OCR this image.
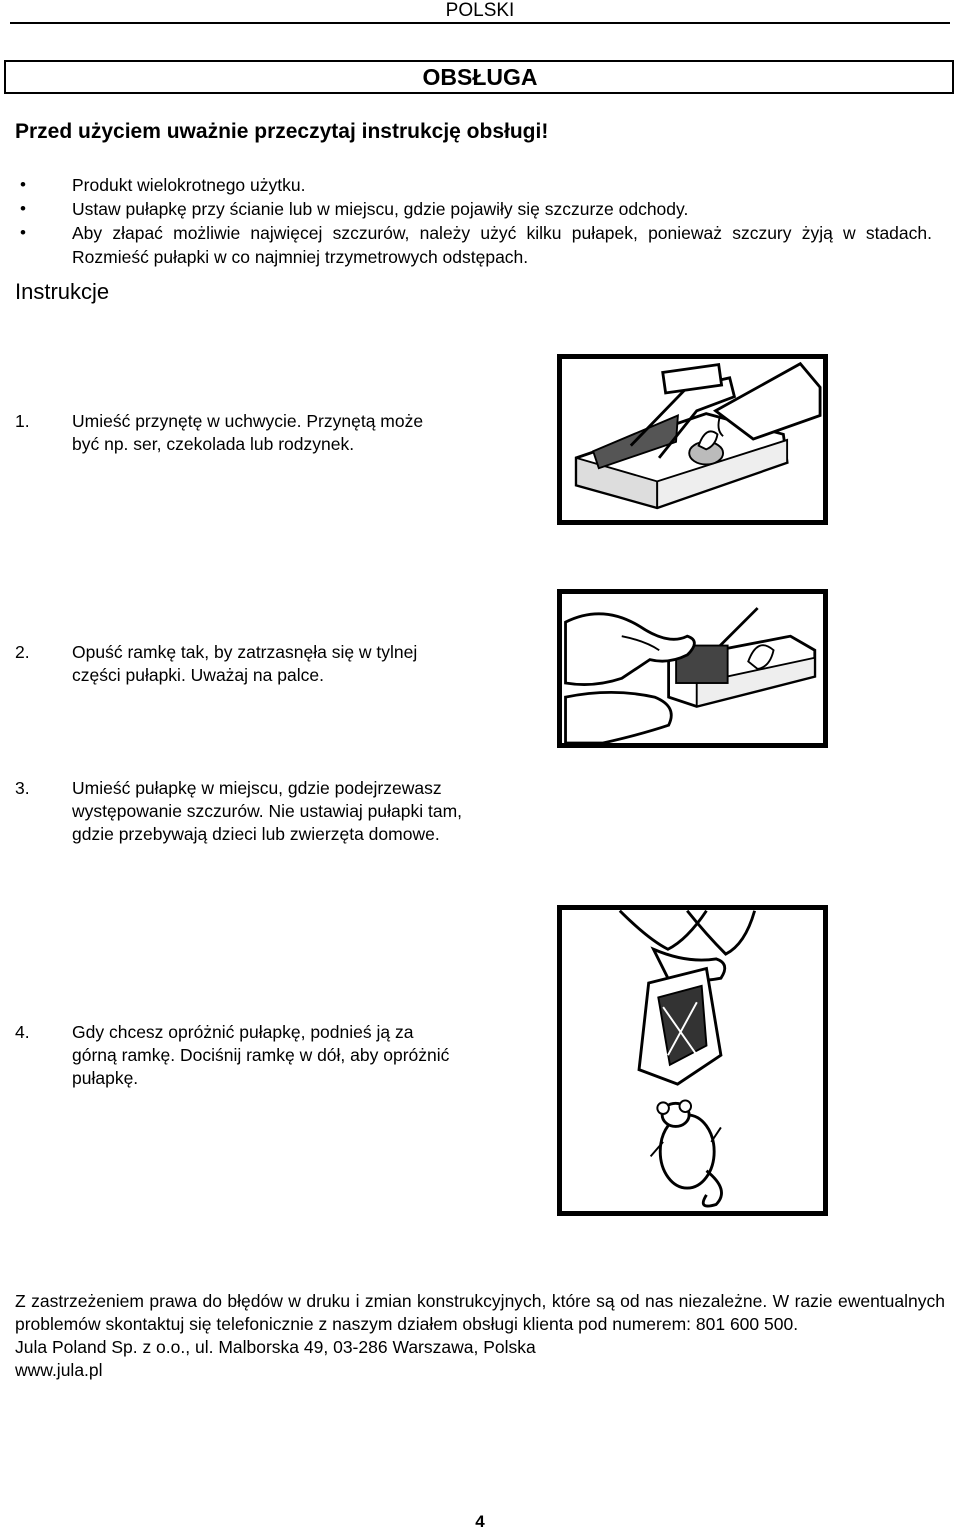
POLSKI
OBSŁUGA
Przed użyciem uważnie przeczytaj instrukcję obsługi!
• Produkt wielokrotnego użytku.
• Ustaw pułapkę przy ścianie lub w miejscu, gdzie pojawiły się szczurze odchody.
• Aby złapać możliwie najwięcej szczurów, należy użyć kilku pułapek, ponieważ szczury żyją w stadach. Rozmieść pułapki w co najmniej trzymetrowych odstępach.
Instrukcje
1.	Umieść przynętę w uchwycie. Przynętą może być np. ser, czekolada lub rodzynek.
2.	Opuść ramkę tak, by zatrzasnęła się w tylnej części pułapki. Uważaj na palce.
3.	Umieść pułapkę w miejscu, gdzie podejrzewasz występowanie szczurów. Nie ustawiaj pułapki tam, gdzie przebywają dzieci lub zwierzęta domowe.
4.	Gdy chcesz opróżnić pułapkę, podnieś ją za górną ramkę. Dociśnij ramkę w dół, aby opróżnić pułapkę.

Z zastrzeżeniem prawa do błędów w druku i zmian konstrukcyjnych, które są od nas niezależne. W razie ewentualnych problemów skontaktuj się telefonicznie z naszym działem obsługi klienta pod numerem: 801 600 500.

Jula Poland Sp. z o.o., ul. Malborska 49, 03-286 Warszawa, Polska

www.jula.pl

4
